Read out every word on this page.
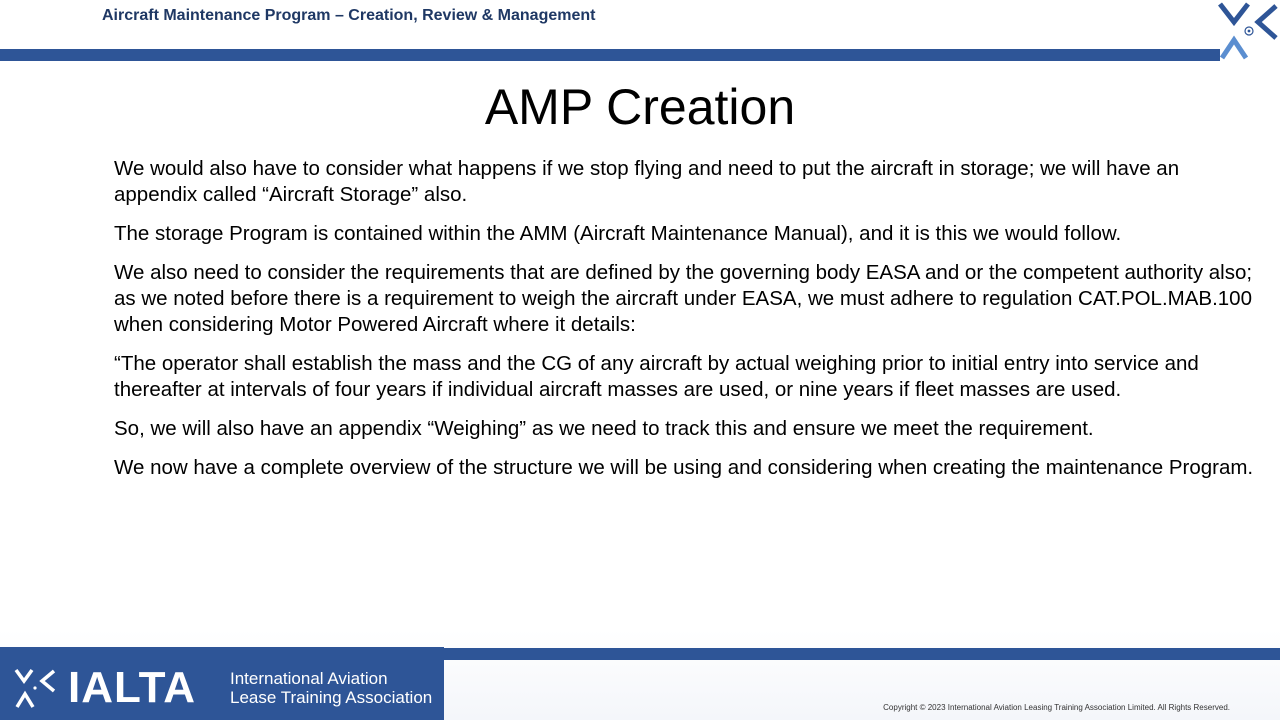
Aircraft Maintenance Program – Creation, Review & Management
AMP Creation

We would also have to consider what happens if we stop flying and need to put the aircraft in storage; we will have an appendix called “Aircraft Storage” also.

The storage Program is contained within the AMM (Aircraft Maintenance Manual), and it is this we would follow.

We also need to consider the requirements that are defined by the governing body EASA and or the competent authority also; as we noted before there is a requirement to weigh the aircraft under EASA, we must adhere to regulation CAT.POL.MAB.100 when considering Motor Powered Aircraft where it details:

“The operator shall establish the mass and the CG of any aircraft by actual weighing prior to initial entry into service and thereafter at intervals of four years if individual aircraft masses are used, or nine years if fleet masses are used.

So, we will also have an appendix “Weighing” as we need to track this and ensure we meet the requirement.

We now have a complete overview of the structure we will be using and considering when creating the maintenance Program.

IALTA International Aviation
Lease Training Association
Copyright © 2023 International Aviation Leasing Training Association Limited. All Rights Reserved.
